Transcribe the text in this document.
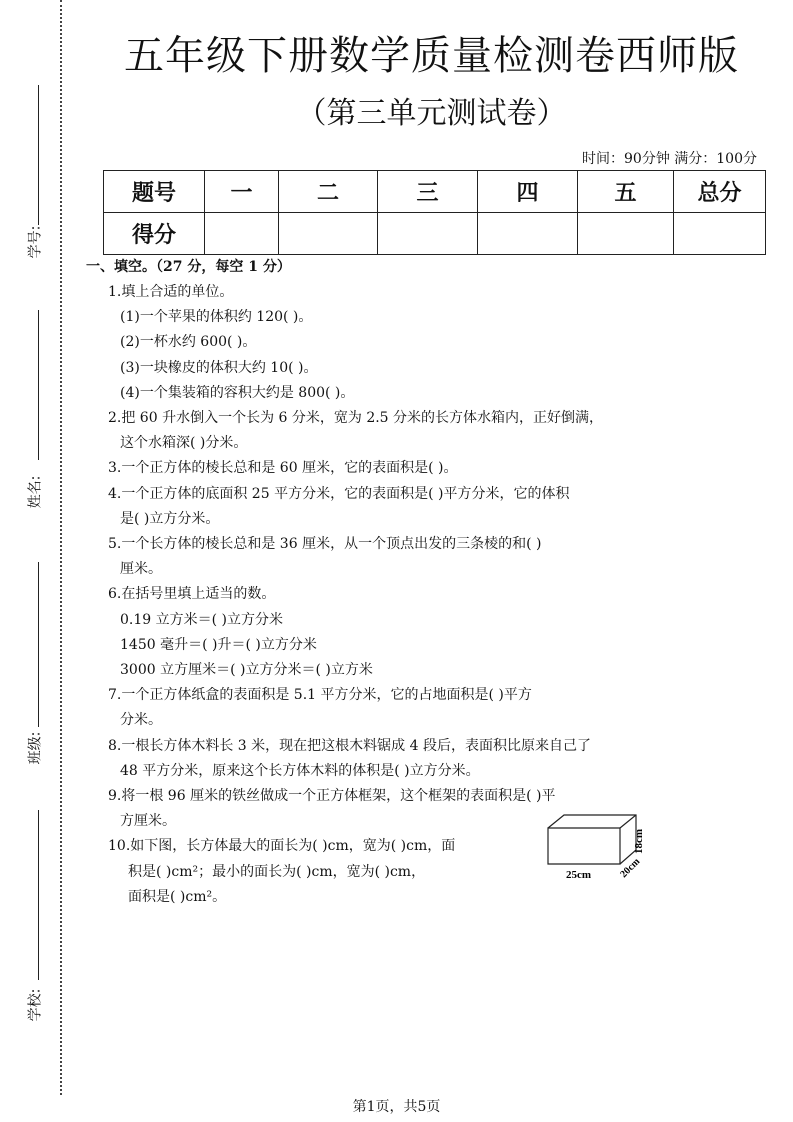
学号:
姓名:
班级:
学校:
五年级下册数学质量检测卷西师版
（第三单元测试卷）
时间：90分钟 满分：100分
题号	一	二	三	四	五	总分
得分						
一、填空。（27 分，每空 1 分）
1.填上合适的单位。
(1)一个苹果的体积约 120( )。
(2)一杯水约 600( )。
(3)一块橡皮的体积大约 10( )。
(4)一个集装箱的容积大约是 800( )。
2.把 60 升水倒入一个长为 6 分米，宽为 2.5 分米的长方体水箱内，正好倒满，
这个水箱深( )分米。
3.一个正方体的棱长总和是 60 厘米，它的表面积是( )。
4.一个正方体的底面积 25 平方分米，它的表面积是( )平方分米，它的体积
是( )立方分米。
5.一个长方体的棱长总和是 36 厘米，从一个顶点出发的三条棱的和( )
厘米。
6.在括号里填上适当的数。
0.19 立方米＝( )立方分米
1450 毫升＝( )升＝( )立方分米
3000 立方厘米＝( )立方分米＝( )立方米
7.一个正方体纸盒的表面积是 5.1 平方分米，它的占地面积是( )平方
分米。
8.一根长方体木料长 3 米，现在把这根木料锯成 4 段后，表面积比原来自己了
48 平方分米，原来这个长方体木料的体积是( )立方分米。
9.将一根 96 厘米的铁丝做成一个正方体框架，这个框架的表面积是( )平
方厘米。
10.如下图，长方体最大的面长为( )cm，宽为( )cm，面
积是( )cm²；最小的面长为( )cm，宽为( )cm，
面积是( )cm²。
25cm	20cm
18cm
第1页，共5页
